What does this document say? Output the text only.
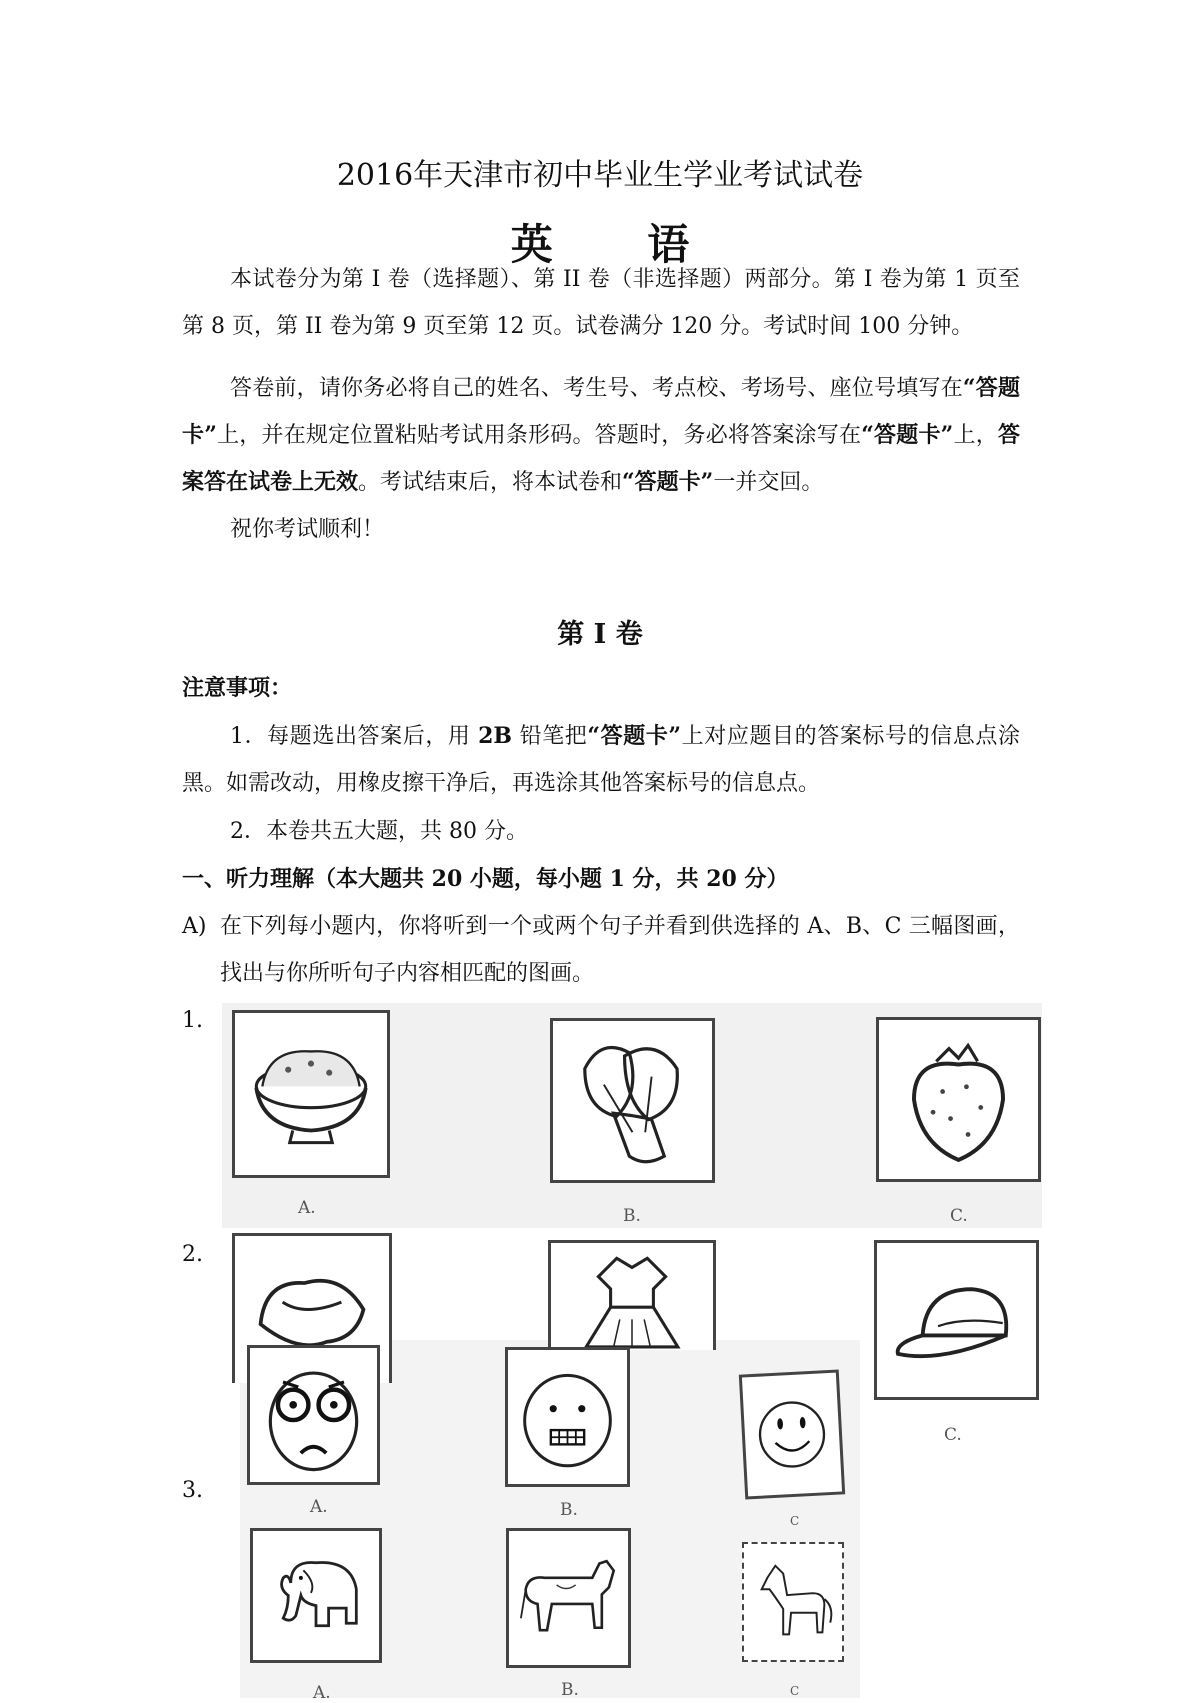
2016年天津市初中毕业生学业考试试卷
英 语
本试卷分为第 I 卷（选择题）、第 II 卷（非选择题）两部分。第 I 卷为第 1 页至第 8 页，第 II 卷为第 9 页至第 12 页。试卷满分 120 分。考试时间 100 分钟。
答卷前，请你务必将自己的姓名、考生号、考点校、考场号、座位号填写在“答题卡”上，并在规定位置粘贴考试用条形码。答题时，务必将答案涂写在“答题卡”上，答案答在试卷上无效。考试结束后，将本试卷和“答题卡”一并交回。
祝你考试顺利！
第 I 卷
注意事项：
1．每题选出答案后，用 2B 铅笔把“答题卡”上对应题目的答案标号的信息点涂黑。如需改动，用橡皮擦干净后，再选涂其他答案标号的信息点。
2．本卷共五大题，共 80 分。
一、听力理解（本大题共 20 小题，每小题 1 分，共 20 分）
A) 在下列每小题内，你将听到一个或两个句子并看到供选择的 A、B、C 三幅图画，找出与你所听句子内容相匹配的图画。
1.
2.
3.
A.	B.	C.
C.
A.	B.
C
A.	B.	C
